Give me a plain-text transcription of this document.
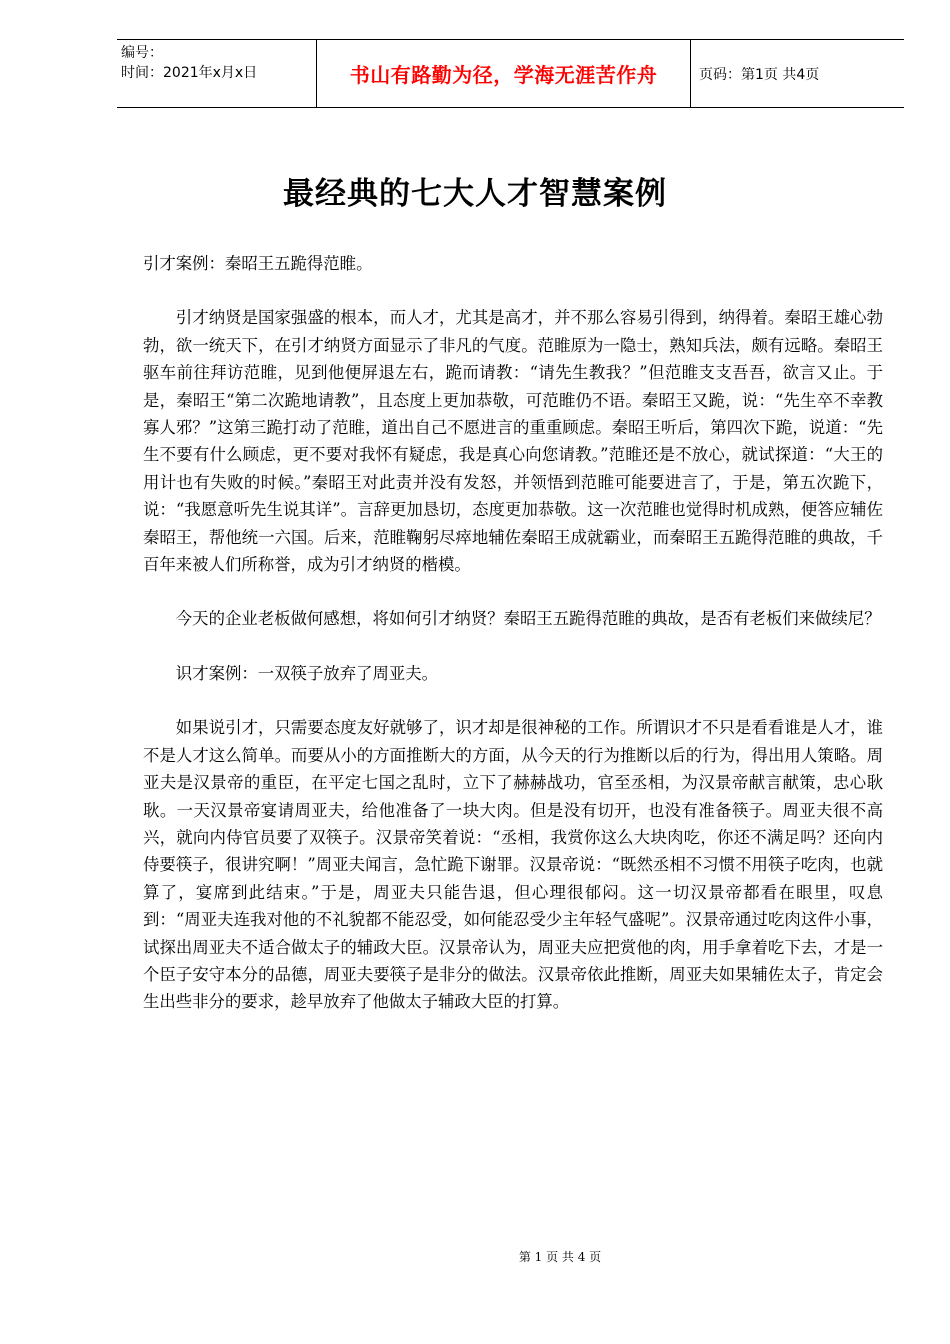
编号：
时间：2021年x月x日	书山有路勤为径，学海无涯苦作舟	页码：第1页 共4页
最经典的七大人才智慧案例

引才案例：秦昭王五跪得范睢。

引才纳贤是国家强盛的根本，而人才，尤其是高才，并不那么容易引得到，纳得着。秦昭王雄心勃勃，欲一统天下，在引才纳贤方面显示了非凡的气度。范睢原为一隐士，熟知兵法，颇有远略。秦昭王驱车前往拜访范睢，见到他便屏退左右，跪而请教：“请先生教我？”但范睢支支吾吾，欲言又止。于是，秦昭王“第二次跪地请教”，且态度上更加恭敬，可范睢仍不语。秦昭王又跪，说：“先生卒不幸教寡人邪？”这第三跪打动了范睢，道出自己不愿进言的重重顾虑。秦昭王听后，第四次下跪，说道：“先生不要有什么顾虑，更不要对我怀有疑虑，我是真心向您请教。”范睢还是不放心，就试探道：“大王的用计也有失败的时候。”秦昭王对此责并没有发怒，并领悟到范睢可能要进言了，于是，第五次跪下，说：“我愿意听先生说其详”。言辞更加恳切，态度更加恭敬。这一次范睢也觉得时机成熟，便答应辅佐秦昭王，帮他统一六国。后来，范睢鞠躬尽瘁地辅佐秦昭王成就霸业，而秦昭王五跪得范睢的典故，千百年来被人们所称誉，成为引才纳贤的楷模。

今天的企业老板做何感想，将如何引才纳贤？秦昭王五跪得范睢的典故，是否有老板们来做续尼？

识才案例：一双筷子放弃了周亚夫。

如果说引才，只需要态度友好就够了，识才却是很神秘的工作。所谓识才不只是看看谁是人才，谁不是人才这么简单。而要从小的方面推断大的方面，从今天的行为推断以后的行为，得出用人策略。周亚夫是汉景帝的重臣，在平定七国之乱时，立下了赫赫战功，官至丞相，为汉景帝献言献策，忠心耿耿。一天汉景帝宴请周亚夫，给他准备了一块大肉。但是没有切开，也没有准备筷子。周亚夫很不高兴，就向内侍官员要了双筷子。汉景帝笑着说：“丞相，我赏你这么大块肉吃，你还不满足吗？还向内侍要筷子，很讲究啊！”周亚夫闻言，急忙跪下谢罪。汉景帝说：“既然丞相不习惯不用筷子吃肉，也就算了，宴席到此结束。”于是，周亚夫只能告退，但心理很郁闷。这一切汉景帝都看在眼里，叹息到：“周亚夫连我对他的不礼貌都不能忍受，如何能忍受少主年轻气盛呢”。汉景帝通过吃肉这件小事，试探出周亚夫不适合做太子的辅政大臣。汉景帝认为，周亚夫应把赏他的肉，用手拿着吃下去，才是一个臣子安守本分的品德，周亚夫要筷子是非分的做法。汉景帝依此推断，周亚夫如果辅佐太子，肯定会生出些非分的要求，趁早放弃了他做太子辅政大臣的打算。

第 1 页 共 4 页
